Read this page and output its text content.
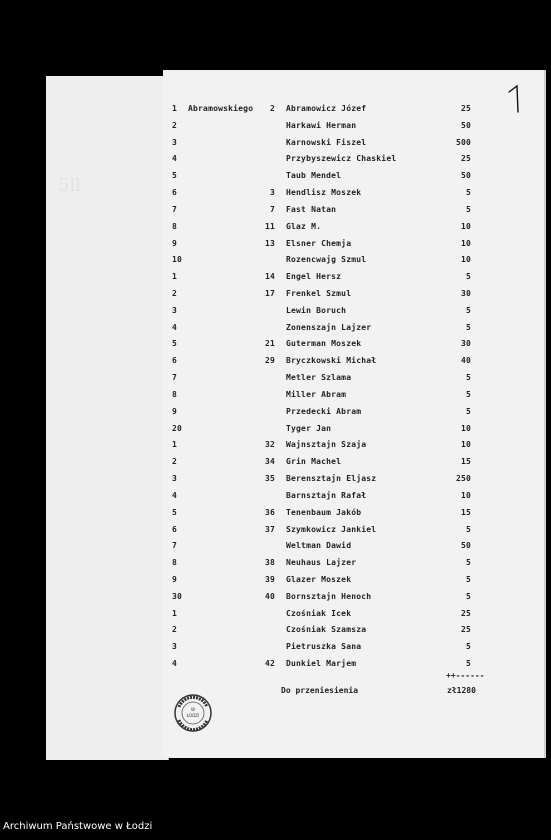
5ll
1 Abramowskiego 2 Abramowicz Józef	25
2	Harkawi Herman	50
3	Karnowski Fiszel	500
4	Przybyszewicz Chaskiel	25
5	Taub Mendel	50
6	3 Hendlisz Moszek	5
7	7 Fast Natan	5
8	11 Glaz M.	10
9	13 Elsner Chemja	10
10	Rozencwajg Szmul	10
1	14 Engel Hersz	5
2	17 Frenkel Szmul	30
3	Lewin Boruch	5
4	Zonenszajn Lajzer	5
5	21 Guterman Moszek	30
6	29 Bryczkowski Michał	40
7	Metler Szlama	5
8	Miller Abram	5
9	Przedecki Abram	5
20	Tyger Jan	10
1	32 Wajnsztajn Szaja	10
2	34 Grin Machel	15
3	35 Berensztajn Eljasz	250
4	Barnsztajn Rafał	10
5	36 Tenenbaum Jakób	15
6	37 Szymkowicz Jankiel	5
7	Weltman Dawid	50
8	38 Neuhaus Lajzer	5
9	39 Glazer Moszek	5
30	40 Bornsztajn Henoch	5
1	Czośniak Icek	25
2	Czośniak Szamsza	25
3	Pietruszka Sana	5
4	42 Dunkiel Marjem	5
++------
Do przeniesienia	zł1280
W
ŁODZI
Archiwum Państwowe w Łodzi
